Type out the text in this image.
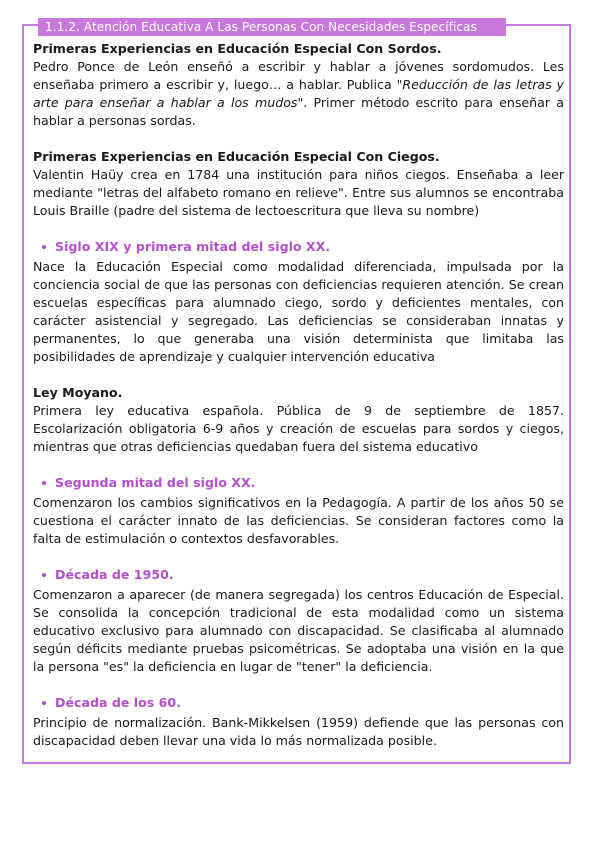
1.1.2. Atención Educativa A Las Personas Con Necesidades Específicas

Primeras Experiencias en Educación Especial Con Sordos.

Pedro Ponce de León enseñó a escribir y hablar a jóvenes sordomudos. Les enseñaba primero a escribir y, luego… a hablar. Publica "Reducción de las letras y arte para enseñar a hablar a los mudos". Primer método escrito para enseñar a hablar a personas sordas.

Primeras Experiencias en Educación Especial Con Ciegos.

Valentin Haüy crea en 1784 una institución para niños ciegos. Enseñaba a leer mediante "letras del alfabeto romano en relieve". Entre sus alumnos se encontraba Louis Braille (padre del sistema de lectoescritura que lleva su nombre)

Siglo XIX y primera mitad del siglo XX.

Nace la Educación Especial como modalidad diferenciada, impulsada por la conciencia social de que las personas con deficiencias requieren atención. Se crean escuelas específicas para alumnado ciego, sordo y deficientes mentales, con carácter asistencial y segregado. Las deficiencias se consideraban innatas y permanentes, lo que generaba una visión determinista que limitaba las posibilidades de aprendizaje y cualquier intervención educativa

Ley Moyano.

Primera ley educativa española. Pública de 9 de septiembre de 1857. Escolarización obligatoria 6-9 años y creación de escuelas para sordos y ciegos, mientras que otras deficiencias quedaban fuera del sistema educativo

Segunda mitad del siglo XX.

Comenzaron los cambios significativos en la Pedagogía. A partir de los años 50 se cuestiona el carácter innato de las deficiencias. Se consideran factores como la falta de estimulación o contextos desfavorables.

Década de 1950.

Comenzaron a aparecer (de manera segregada) los centros Educación de Especial. Se consolida la concepción tradicional de esta modalidad como un sistema educativo exclusivo para alumnado con discapacidad. Se clasificaba al alumnado según déficits mediante pruebas psicométricas. Se adoptaba una visión en la que la persona "es" la deficiencia en lugar de "tener" la deficiencia.

Década de los 60.

Principio de normalización. Bank-Mikkelsen (1959) defiende que las personas con discapacidad deben llevar una vida lo más normalizada posible.
